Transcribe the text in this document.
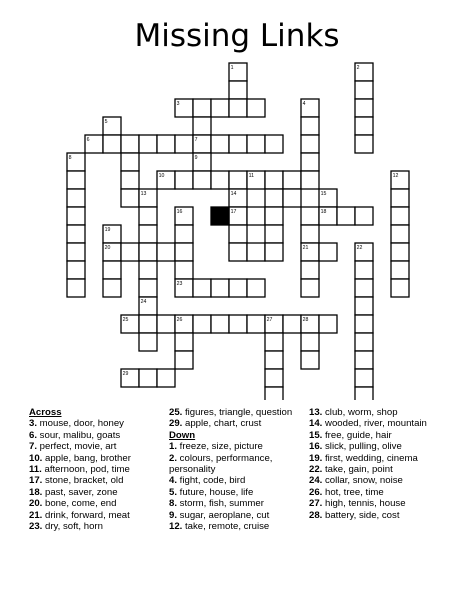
Missing Links
1	2
3	4
5
6	7
8	9
10	11	12
13	14	15
16	17	18
19
20	21	22
23
24
25	26	27	28
29
Across
3. mouse, door, honey
6. sour, malibu, goats
7. perfect, movie, art
10. apple, bang, brother
11. afternoon, pod, time
17. stone, bracket, old
18. past, saver, zone
20. bone, come, end
21. drink, forward, meat
23. dry, soft, horn
25. figures, triangle, question
29. apple, chart, crust
Down
1. freeze, size, picture
2. colours, performance, personality
4. fight, code, bird
5. future, house, life
8. storm, fish, summer
9. sugar, aeroplane, cut
12. take, remote, cruise
13. club, worm, shop
14. wooded, river, mountain
15. free, guide, hair
16. slick, pulling, olive
19. first, wedding, cinema
22. take, gain, point
24. collar, snow, noise
26. hot, tree, time
27. high, tennis, house
28. battery, side, cost
